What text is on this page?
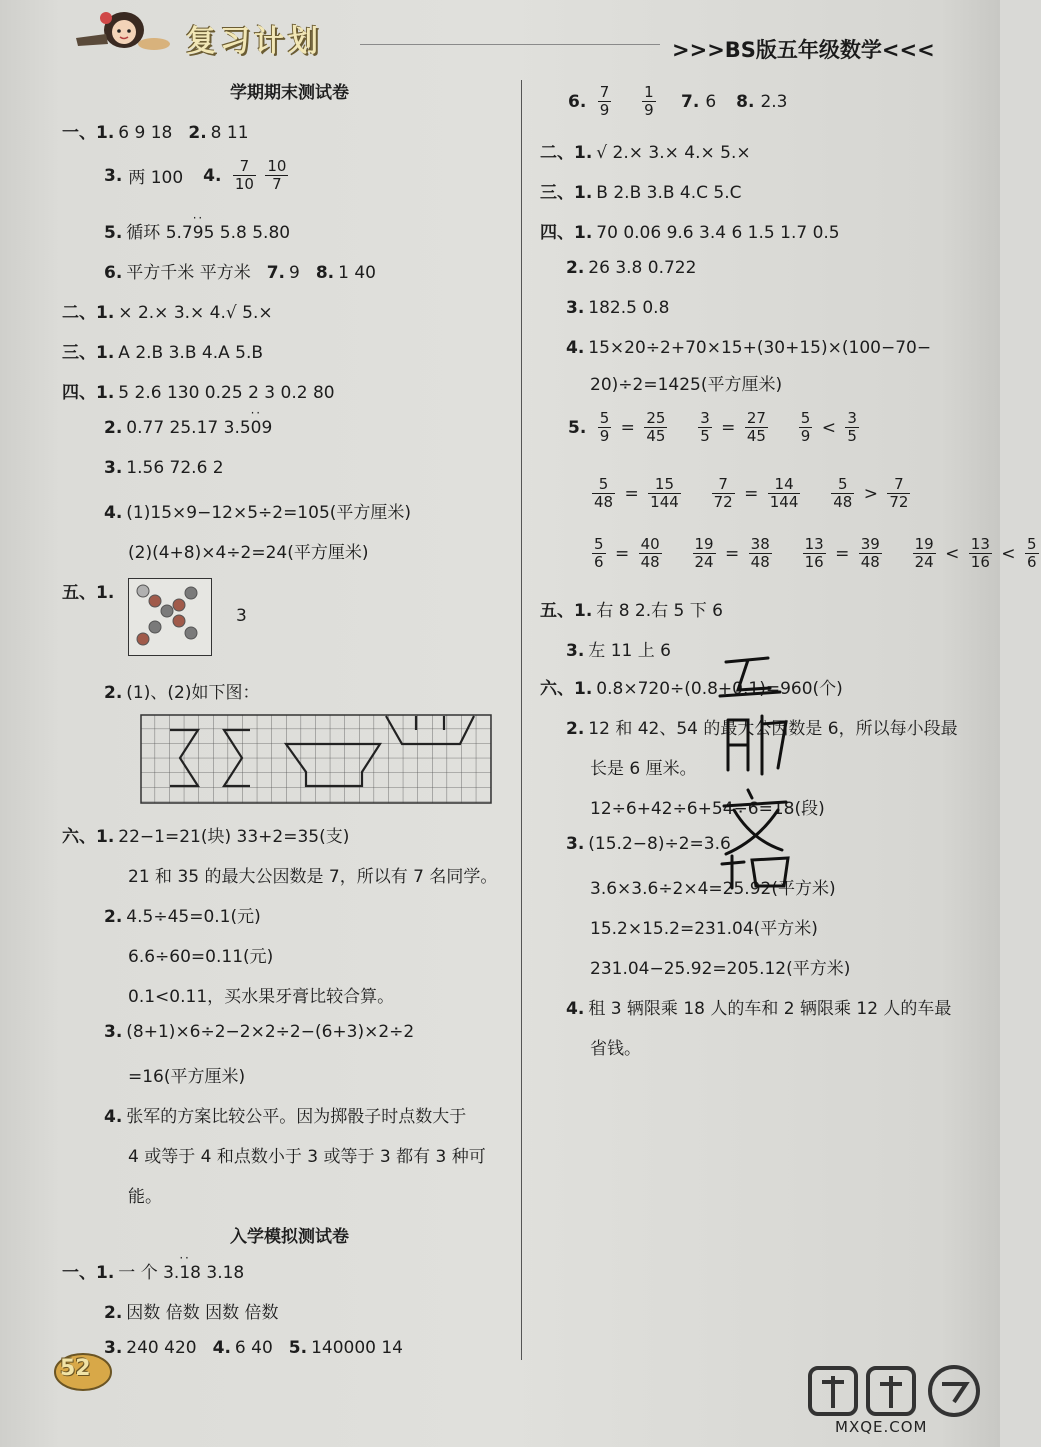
复习计划	>>>BS版五年级数学<<<
学期期末测试卷
一、1. 6 9 18 2. 8 11
3. 两 100 4. $\frac{7}{10}$
$\frac{10}{7}$
5. 循环 5.7· · 95 5.8 5.80
6. 平方千米 平方米 7. 9 8. 1 40
二、1. × 2.× 3.× 4.√ 5.×
三、1. A 2.B 3.B 4.A 5.B
四、1. 5 2.6 130 0.25 2 3 0.2 80
2. 0.77 25.17 3.5· · 09
3. 1.56 72.6 2
4. (1)15×9−12×5÷2=105(平方厘米)
(2)(4+8)×4÷2=24(平方厘米)
五、1.
3
2. (1)、(2)如下图：
六、1. 22−1=21(块) 33+2=35(支)
21 和 35 的最大公因数是 7，所以有 7 名同学。
2. 4.5÷45=0.1(元)
6.6÷60=0.11(元)
0.1<0.11，买水果牙膏比较合算。
3. (8+1)×6÷2−2×2÷2−(6+3)×2÷2
=16(平方厘米)
4. 张军的方案比较公平。因为掷骰子时点数大于
4 或等于 4 和点数小于 3 或等于 3 都有 3 种可
能。
入学模拟测试卷
一、1. 一 个 3.· · 18 3.18
2. 因数 倍数 因数 倍数
3. 240 420 4. 6 40 5. 140000 14
6. $\frac{7}{9}$
$\frac{1}{9} 7$. 6 8. 2.3
二、1. √ 2.× 3.× 4.× 5.×
三、1. B 2.B 3.B 4.C 5.C
四、1. 70 0.06 9.6 3.4 6 1.5 1.7 0.5
2. 26 3.8 0.722
3. 182.5 0.8
4. 15×20÷2+70×15+(30+15)×(100−70−
20)÷2=1425(平方厘米)
5. $\frac{5}{9} = \frac{25}{45}$
$\frac{3}{5} = \frac{27}{45}$
$\frac{5}{9} < \frac{3}{5}$
$\frac{5}{48} = \frac{15}{144}$
$\frac{7}{72} = \frac{14}{144}$
$\frac{5}{48} > \frac{7}{72}$
$\frac{5}{6} = \frac{40}{48}$
$\frac{19}{24} = \frac{38}{48}$
$\frac{13}{16} = \frac{39}{48}$
$\frac{19}{24} < \frac{13}{16} < \frac{5}{6}$
五、1. 右 8 2.右 5 下 6
3. 左 11 上 6
六、1. 0.8×720÷(0.8+0.1)=960(个)
2. 12 和 42、54 的最大公因数是 6，所以每小段最
长是 6 厘米。
12÷6+42÷6+54÷6=18(段)
3. (15.2−8)÷2=3.6
3.6×3.6÷2×4=25.92(平方米)
15.2×15.2=231.04(平方米)
231.04−25.92=205.12(平方米)
4. 租 3 辆限乘 18 人的车和 2 辆限乘 12 人的车最
省钱。
52
MXQE.COM
